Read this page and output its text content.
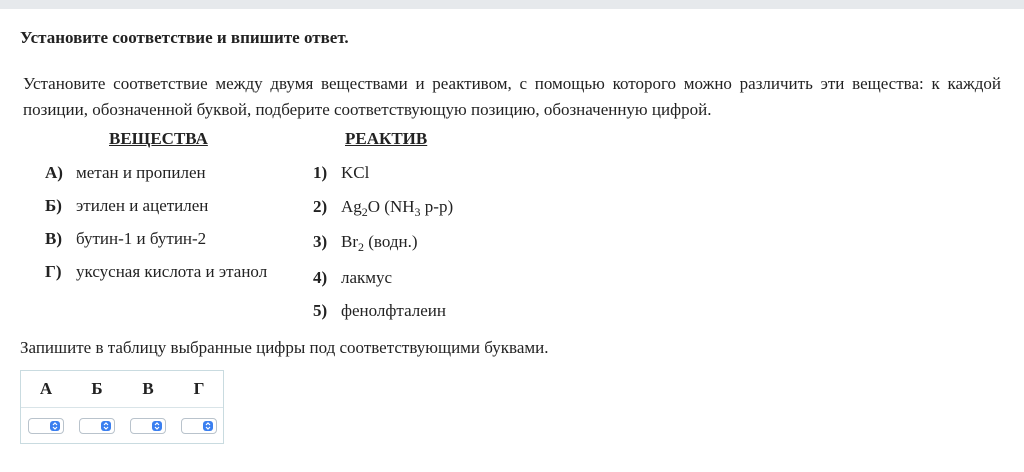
Установите соответствие и впишите ответ.
Установите соответствие между двумя веществами и реактивом, с помощью которого можно различить эти вещества: к каждой позиции, обозначенной буквой, подберите соответствующую позицию, обозначенную цифрой.
ВЕЩЕСТВА	РЕАКТИВ
А) метан и пропилен
Б) этилен и ацетилен
В) бутин-1 и бутин-2
Г) уксусная кислота и этанол
1) KCl
2) $Ag_2O$ ($NH_3$ р-р)
3) $Br_2$ (водн.)
4) лакмус
5) фенолфталеин
Запишите в таблицу выбранные цифры под соответствующими буквами.
А	Б	В	Г
